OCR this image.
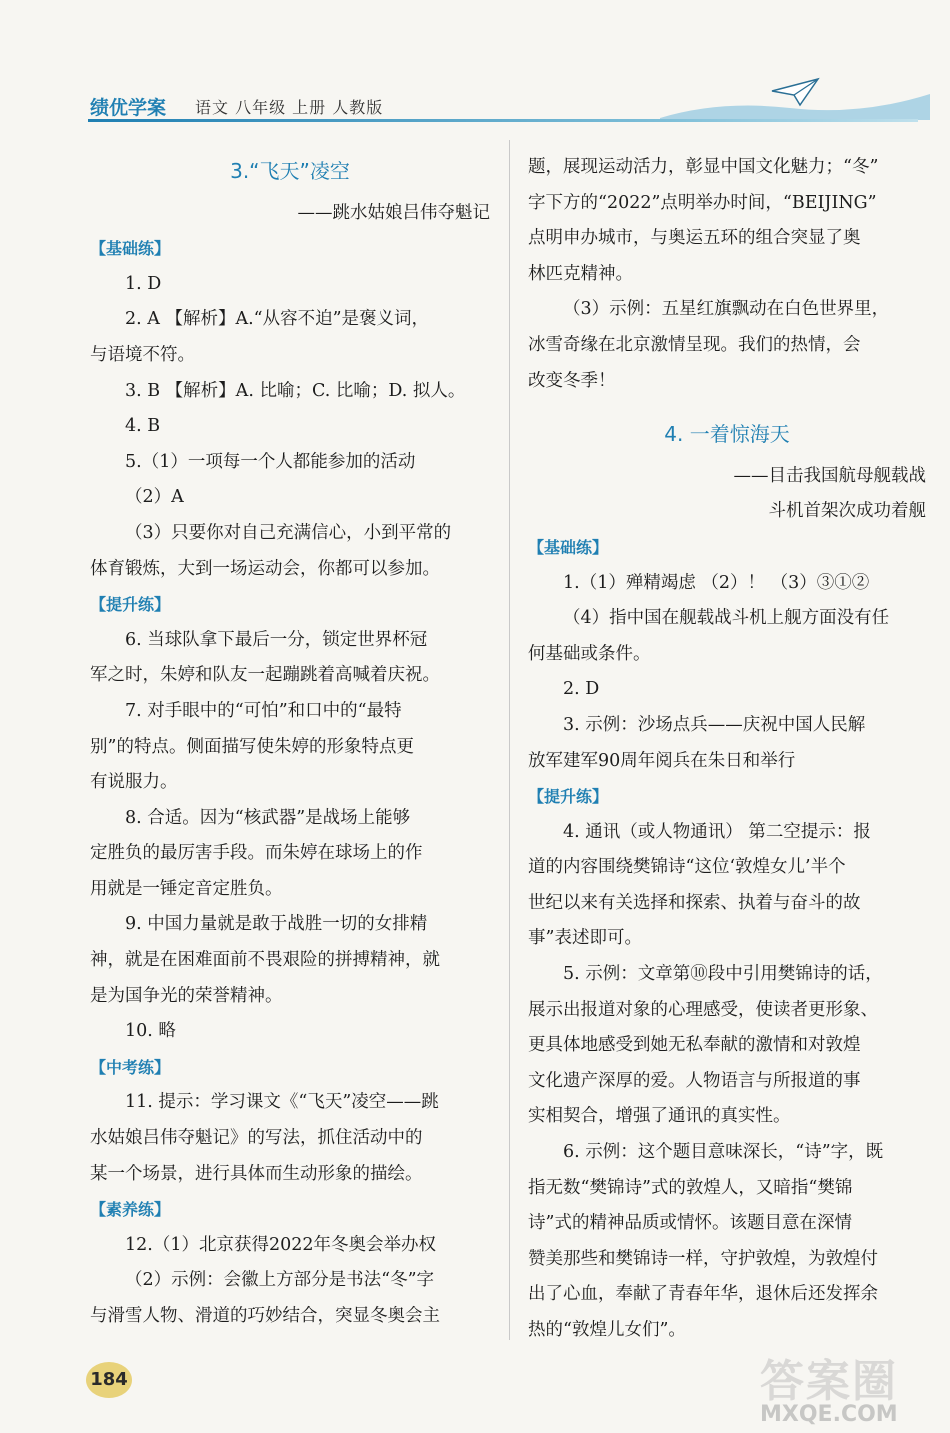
绩优学案 语文 八年级 上册 人教版
3.“飞天”凌空
——跳水姑娘吕伟夺魁记
【基础练】
1. D
2. A 【解析】A.“从容不迫”是褒义词，
与语境不符。
3. B 【解析】A. 比喻；C. 比喻；D. 拟人。
4. B
5.（1）一项每一个人都能参加的活动
（2）A
（3）只要你对自己充满信心，小到平常的
体育锻炼，大到一场运动会，你都可以参加。
【提升练】
6. 当球队拿下最后一分，锁定世界杯冠
军之时，朱婷和队友一起蹦跳着高喊着庆祝。
7. 对手眼中的“可怕”和口中的“最特
别”的特点。侧面描写使朱婷的形象特点更
有说服力。
8. 合适。因为“核武器”是战场上能够
定胜负的最厉害手段。而朱婷在球场上的作
用就是一锤定音定胜负。
9. 中国力量就是敢于战胜一切的女排精
神，就是在困难面前不畏艰险的拼搏精神，就
是为国争光的荣誉精神。
10. 略
【中考练】
11. 提示：学习课文《“飞天”凌空——跳
水姑娘吕伟夺魁记》的写法，抓住活动中的
某一个场景，进行具体而生动形象的描绘。
【素养练】
12.（1）北京获得2022年冬奥会举办权
（2）示例：会徽上方部分是书法“冬”字
与滑雪人物、滑道的巧妙结合，突显冬奥会主
题，展现运动活力，彰显中国文化魅力；“冬”
字下方的“2022”点明举办时间，“BEIJING”
点明申办城市，与奥运五环的组合突显了奥
林匹克精神。
（3）示例：五星红旗飘动在白色世界里，
冰雪奇缘在北京激情呈现。我们的热情，会
改变冬季！
4. 一着惊海天
——目击我国航母舰载战
斗机首架次成功着舰
【基础练】
1.（1）殚精竭虑 （2）！ （3）③①②
（4）指中国在舰载战斗机上舰方面没有任
何基础或条件。
2. D
3. 示例：沙场点兵——庆祝中国人民解
放军建军90周年阅兵在朱日和举行
【提升练】
4. 通讯（或人物通讯） 第二空提示：报
道的内容围绕樊锦诗“这位‘敦煌女儿’半个
世纪以来有关选择和探索、执着与奋斗的故
事”表述即可。
5. 示例：文章第⑩段中引用樊锦诗的话，
展示出报道对象的心理感受，使读者更形象、
更具体地感受到她无私奉献的激情和对敦煌
文化遗产深厚的爱。人物语言与所报道的事
实相契合，增强了通讯的真实性。
6. 示例：这个题目意味深长，“诗”字，既
指无数“樊锦诗”式的敦煌人，又暗指“樊锦
诗”式的精神品质或情怀。该题目意在深情
赞美那些和樊锦诗一样，守护敦煌，为敦煌付
出了心血，奉献了青春年华，退休后还发挥余
热的“敦煌儿女们”。
184	答案圈
MXQE.COM
